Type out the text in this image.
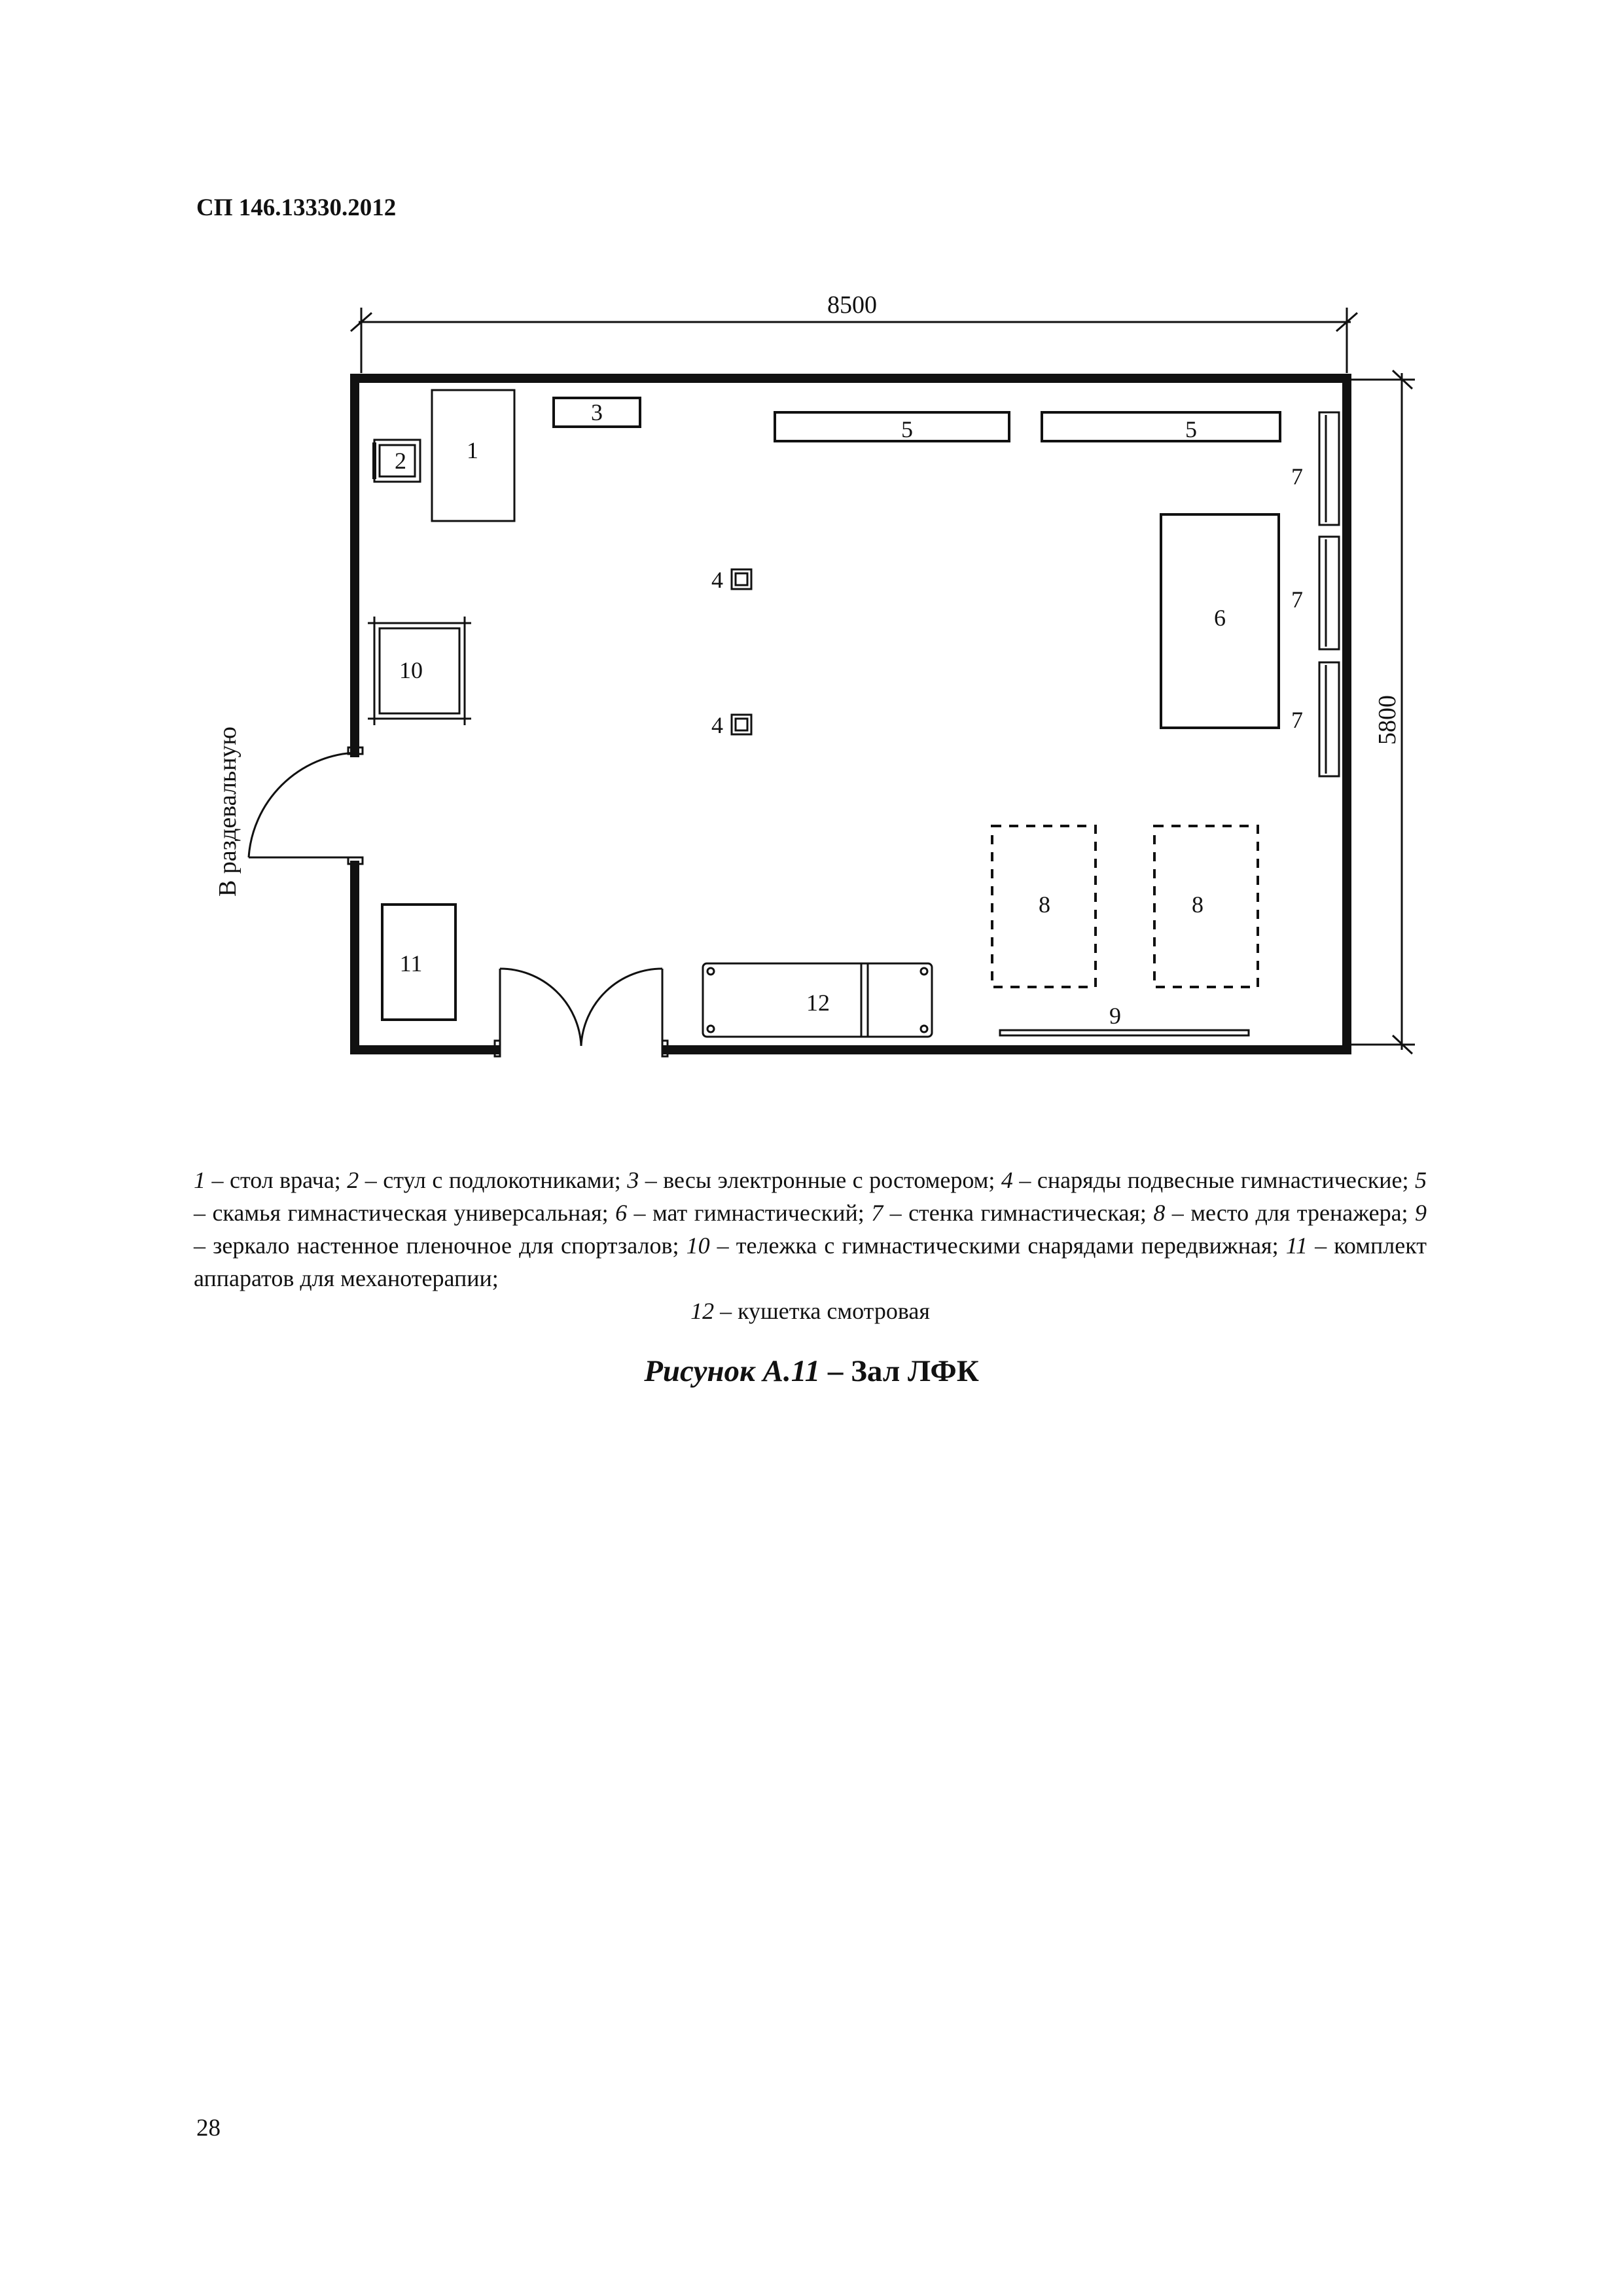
СП 146.13330.2012
8500
5800
В раздевальную
1
2
3
5	5
4
4
6
7
7
7
10
11
12
8	8
9
1 – стол врача; 2 – стул с подлокотниками; 3 – весы электронные с ростомером; 4 – снаряды подвесные гимнастические; 5 – скамья гимнастическая универсальная; 6 – мат гимнастический; 7 – стенка гимнастическая; 8 – место для тренажера; 9 – зеркало настенное пленочное для спортзалов; 10 – тележка с гимнастическими снарядами передвижная; 11 – комплект аппаратов для механотерапии;
12 – кушетка смотровая
Рисунок А.11 – Зал ЛФК
28
